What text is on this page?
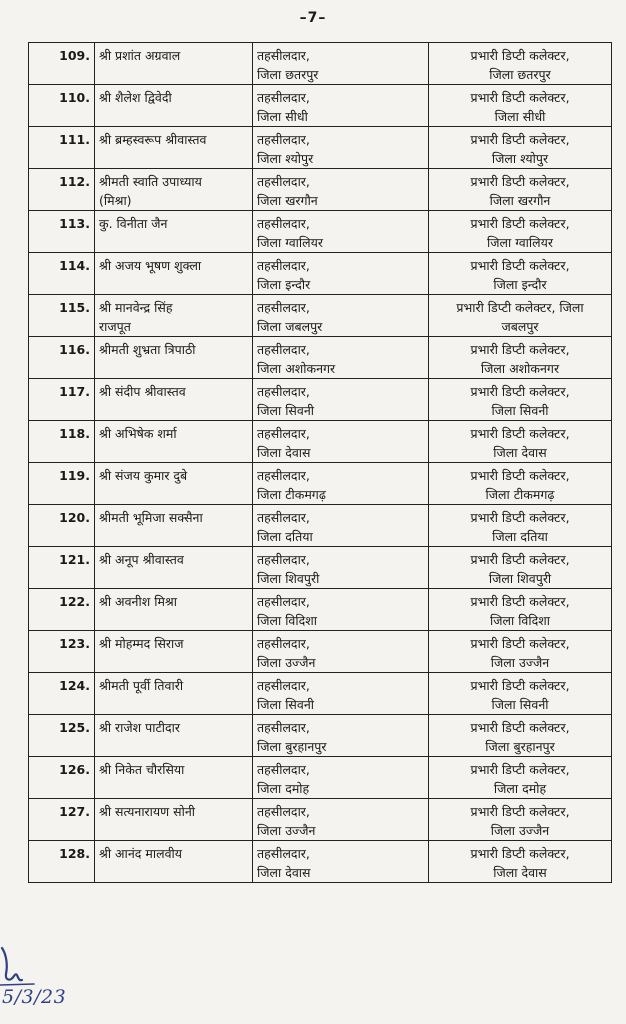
–7–
109.	श्री प्रशांत अग्रवाल	तहसीलदार,
जिला छतरपुर	प्रभारी डिप्टी कलेक्टर,
जिला छतरपुर

110.	श्री शैलेश द्विवेदी	तहसीलदार,
जिला सीधी	प्रभारी डिप्टी कलेक्टर,
जिला सीधी

111.	श्री ब्रम्हस्वरूप श्रीवास्तव	तहसीलदार,
जिला श्योपुर	प्रभारी डिप्टी कलेक्टर,
जिला श्योपुर

112.	श्रीमती स्वाति उपाध्याय
(मिश्रा)	तहसीलदार,
जिला खरगौन	प्रभारी डिप्टी कलेक्टर,
जिला खरगौन

113.	कु. विनीता जैन	तहसीलदार,
जिला ग्वालियर	प्रभारी डिप्टी कलेक्टर,
जिला ग्वालियर

114.	श्री अजय भूषण शुक्ला	तहसीलदार,
जिला इन्दौर	प्रभारी डिप्टी कलेक्टर,
जिला इन्दौर

115.	श्री मानवेन्द्र सिंह
राजपूत	तहसीलदार,
जिला जबलपुर	प्रभारी डिप्टी कलेक्टर, जिला
जबलपुर

116.	श्रीमती शुभ्रता त्रिपाठी	तहसीलदार,
जिला अशोकनगर	प्रभारी डिप्टी कलेक्टर,
जिला अशोकनगर

117.	श्री संदीप श्रीवास्तव	तहसीलदार,
जिला सिवनी	प्रभारी डिप्टी कलेक्टर,
जिला सिवनी

118.	श्री अभिषेक शर्मा	तहसीलदार,
जिला देवास	प्रभारी डिप्टी कलेक्टर,
जिला देवास

119.	श्री संजय कुमार दुबे	तहसीलदार,
जिला टीकमगढ़	प्रभारी डिप्टी कलेक्टर,
जिला टीकमगढ़

120.	श्रीमती भूमिजा सक्सैना	तहसीलदार,
जिला दतिया	प्रभारी डिप्टी कलेक्टर,
जिला दतिया

121.	श्री अनूप श्रीवास्तव	तहसीलदार,
जिला शिवपुरी	प्रभारी डिप्टी कलेक्टर,
जिला शिवपुरी

122.	श्री अवनीश मिश्रा	तहसीलदार,
जिला विदिशा	प्रभारी डिप्टी कलेक्टर,
जिला विदिशा

123.	श्री मोहम्मद सिराज	तहसीलदार,
जिला उज्जैन	प्रभारी डिप्टी कलेक्टर,
जिला उज्जैन

124.	श्रीमती पूर्वी तिवारी	तहसीलदार,
जिला सिवनी	प्रभारी डिप्टी कलेक्टर,
जिला सिवनी

125.	श्री राजेश पाटीदार	तहसीलदार,
जिला बुरहानपुर	प्रभारी डिप्टी कलेक्टर,
जिला बुरहानपुर

126.	श्री निकेत चौरसिया	तहसीलदार,
जिला दमोह	प्रभारी डिप्टी कलेक्टर,
जिला दमोह

127.	श्री सत्यनारायण सोनी	तहसीलदार,
जिला उज्जैन	प्रभारी डिप्टी कलेक्टर,
जिला उज्जैन

128.	श्री आनंद मालवीय	तहसीलदार,
जिला देवास	प्रभारी डिप्टी कलेक्टर,
जिला देवास
5/3/23
